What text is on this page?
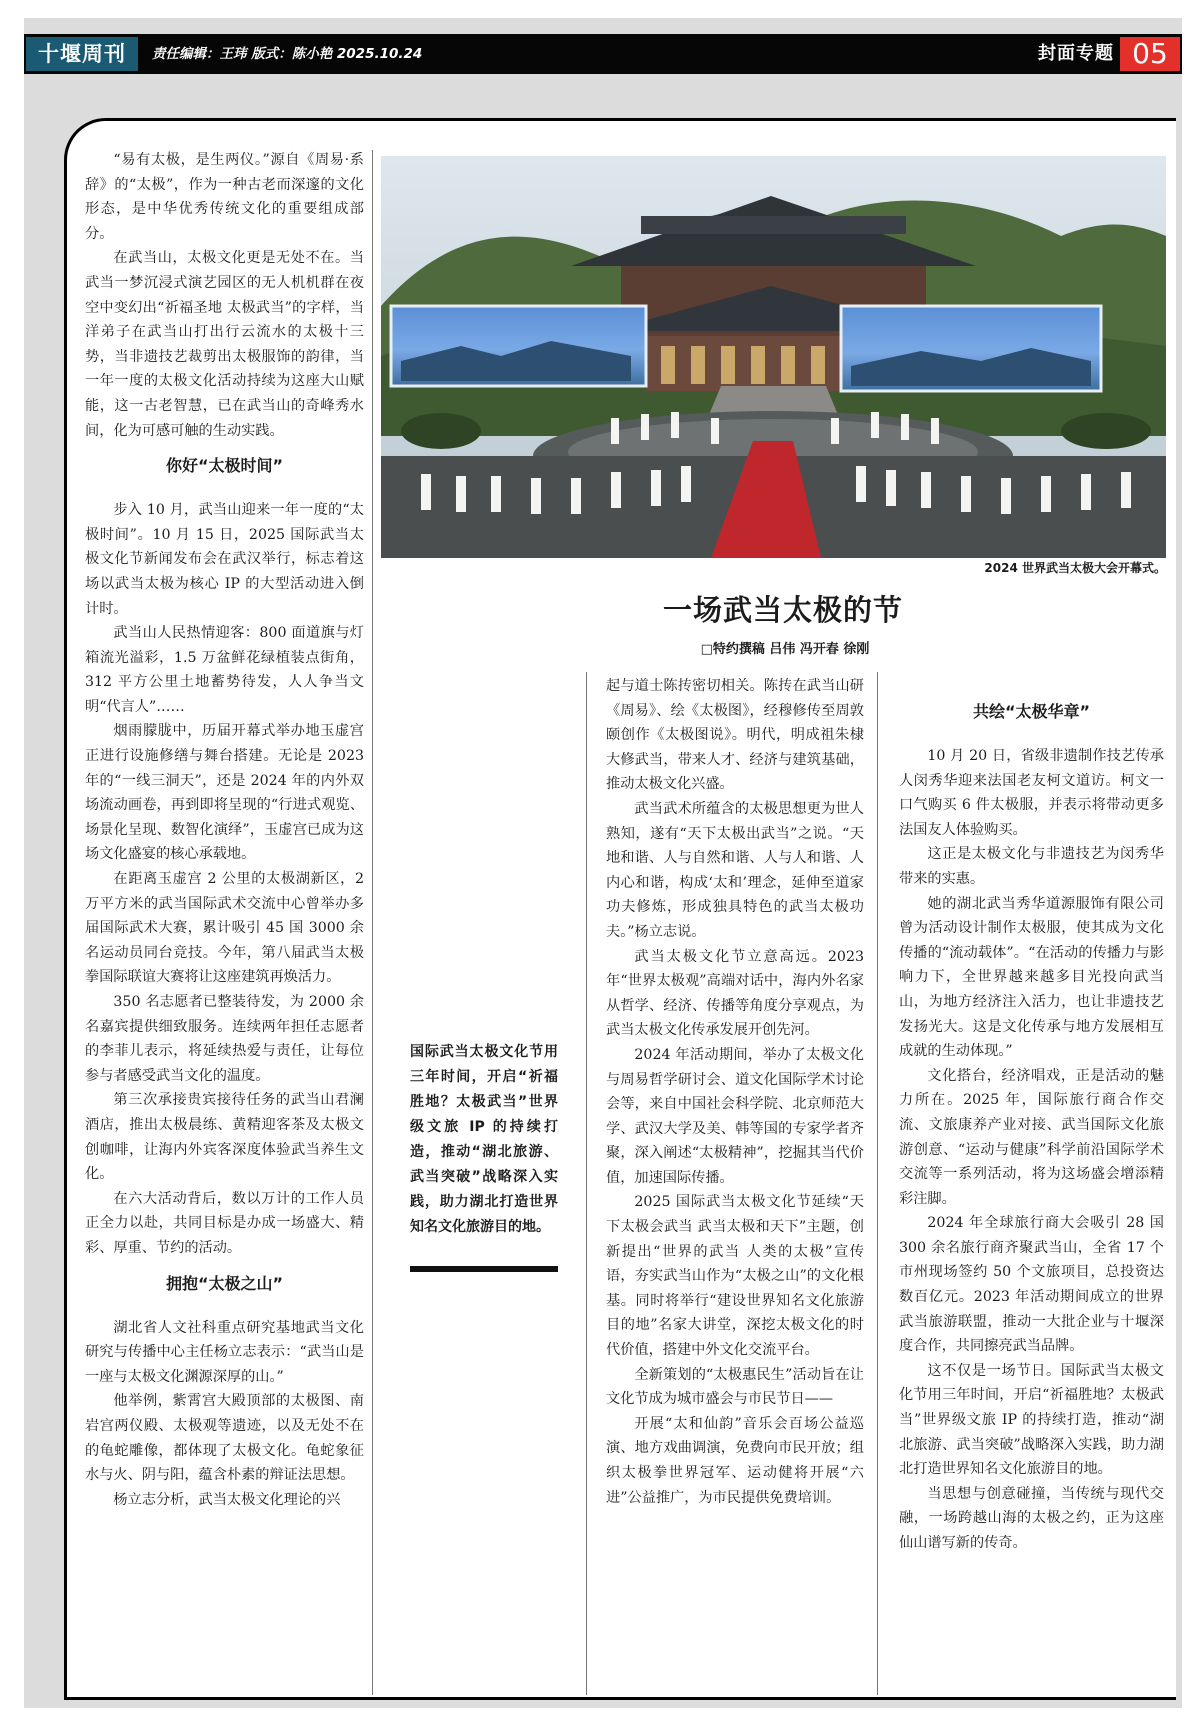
十堰周刊	责任编辑：王玮 版式：陈小艳 2025.10.24	封面专题 05

“易有太极，是生两仪。”源自《周易·系辞》的“太极”，作为一种古老而深邃的文化形态，是中华优秀传统文化的重要组成部分。

在武当山，太极文化更是无处不在。当武当一梦沉浸式演艺园区的无人机机群在夜空中变幻出“祈福圣地 太极武当”的字样，当洋弟子在武当山打出行云流水的太极十三势，当非遗技艺裁剪出太极服饰的韵律，当一年一度的太极文化活动持续为这座大山赋能，这一古老智慧，已在武当山的奇峰秀水间，化为可感可触的生动实践。

你好“太极时间”

步入 10 月，武当山迎来一年一度的“太极时间”。10 月 15 日，2025 国际武当太极文化节新闻发布会在武汉举行，标志着这场以武当太极为核心 IP 的大型活动进入倒计时。

武当山人民热情迎客：800 面道旗与灯箱流光溢彩，1.5 万盆鲜花绿植装点街角，312 平方公里土地蓄势待发，人人争当文明“代言人”……

烟雨朦胧中，历届开幕式举办地玉虚宫正进行设施修缮与舞台搭建。无论是 2023 年的“一线三洞天”，还是 2024 年的内外双场流动画卷，再到即将呈现的“行进式观览、场景化呈现、数智化演绎”，玉虚宫已成为这场文化盛宴的核心承载地。

在距离玉虚宫 2 公里的太极湖新区，2 万平方米的武当国际武术交流中心曾举办多届国际武术大赛，累计吸引 45 国 3000 余名运动员同台竞技。今年，第八届武当太极拳国际联谊大赛将让这座建筑再焕活力。

350 名志愿者已整装待发，为 2000 余名嘉宾提供细致服务。连续两年担任志愿者的李菲儿表示，将延续热爱与责任，让每位参与者感受武当文化的温度。

第三次承接贵宾接待任务的武当山君澜酒店，推出太极晨练、黄精迎客茶及太极文创咖啡，让海内外宾客深度体验武当养生文化。

在六大活动背后，数以万计的工作人员正全力以赴，共同目标是办成一场盛大、精彩、厚重、节约的活动。

拥抱“太极之山”

湖北省人文社科重点研究基地武当文化研究与传播中心主任杨立志表示：“武当山是一座与太极文化渊源深厚的山。”

他举例，紫霄宫大殿顶部的太极图、南岩宫两仪殿、太极观等遗迹，以及无处不在的龟蛇雕像，都体现了太极文化。龟蛇象征水与火、阴与阳，蕴含朴素的辩证法思想。

杨立志分析，武当太极文化理论的兴

2024 世界武当太极大会开幕式。
一场武当太极的节
□特约撰稿 吕伟 冯开春 徐刚
国际武当太极文化节用三年时间，开启“祈福胜地？太极武当”世界级文旅 IP 的持续打造，推动“湖北旅游、武当突破”战略深入实践，助力湖北打造世界知名文化旅游目的地。

起与道士陈抟密切相关。陈抟在武当山研《周易》、绘《太极图》，经穆修传至周敦颐创作《太极图说》。明代，明成祖朱棣大修武当，带来人才、经济与建筑基础，推动太极文化兴盛。

武当武术所蕴含的太极思想更为世人熟知，遂有“天下太极出武当”之说。“天地和谐、人与自然和谐、人与人和谐、人内心和谐，构成‘太和’理念，延伸至道家功夫修炼，形成独具特色的武当太极功夫。”杨立志说。

武当太极文化节立意高远。2023 年“世界太极观”高端对话中，海内外名家从哲学、经济、传播等角度分享观点，为武当太极文化传承发展开创先河。

2024 年活动期间，举办了太极文化与周易哲学研讨会、道文化国际学术讨论会等，来自中国社会科学院、北京师范大学、武汉大学及美、韩等国的专家学者齐聚，深入阐述“太极精神”，挖掘其当代价值，加速国际传播。

2025 国际武当太极文化节延续“天下太极会武当 武当太极和天下”主题，创新提出“世界的武当 人类的太极”宣传语，夯实武当山作为“太极之山”的文化根基。同时将举行“建设世界知名文化旅游目的地”名家大讲堂，深挖太极文化的时代价值，搭建中外文化交流平台。

全新策划的“太极惠民生”活动旨在让文化节成为城市盛会与市民节日——

开展“太和仙韵”音乐会百场公益巡演、地方戏曲调演，免费向市民开放；组织太极拳世界冠军、运动健将开展“六进”公益推广，为市民提供免费培训。

共绘“太极华章”

10 月 20 日，省级非遗制作技艺传承人闵秀华迎来法国老友柯文道访。柯文一口气购买 6 件太极服，并表示将带动更多法国友人体验购买。

这正是太极文化与非遗技艺为闵秀华带来的实惠。

她的湖北武当秀华道源服饰有限公司曾为活动设计制作太极服，使其成为文化传播的“流动载体”。“在活动的传播力与影响力下，全世界越来越多目光投向武当山，为地方经济注入活力，也让非遗技艺发扬光大。这是文化传承与地方发展相互成就的生动体现。”

文化搭台，经济唱戏，正是活动的魅力所在。2025 年，国际旅行商合作交流、文旅康养产业对接、武当国际文化旅游创意、“运动与健康”科学前沿国际学术交流等一系列活动，将为这场盛会增添精彩注脚。

2024 年全球旅行商大会吸引 28 国 300 余名旅行商齐聚武当山，全省 17 个市州现场签约 50 个文旅项目，总投资达数百亿元。2023 年活动期间成立的世界武当旅游联盟，推动一大批企业与十堰深度合作，共同擦亮武当品牌。

这不仅是一场节日。国际武当太极文化节用三年时间，开启“祈福胜地？太极武当”世界级文旅 IP 的持续打造，推动“湖北旅游、武当突破”战略深入实践，助力湖北打造世界知名文化旅游目的地。

当思想与创意碰撞，当传统与现代交融，一场跨越山海的太极之约，正为这座仙山谱写新的传奇。
